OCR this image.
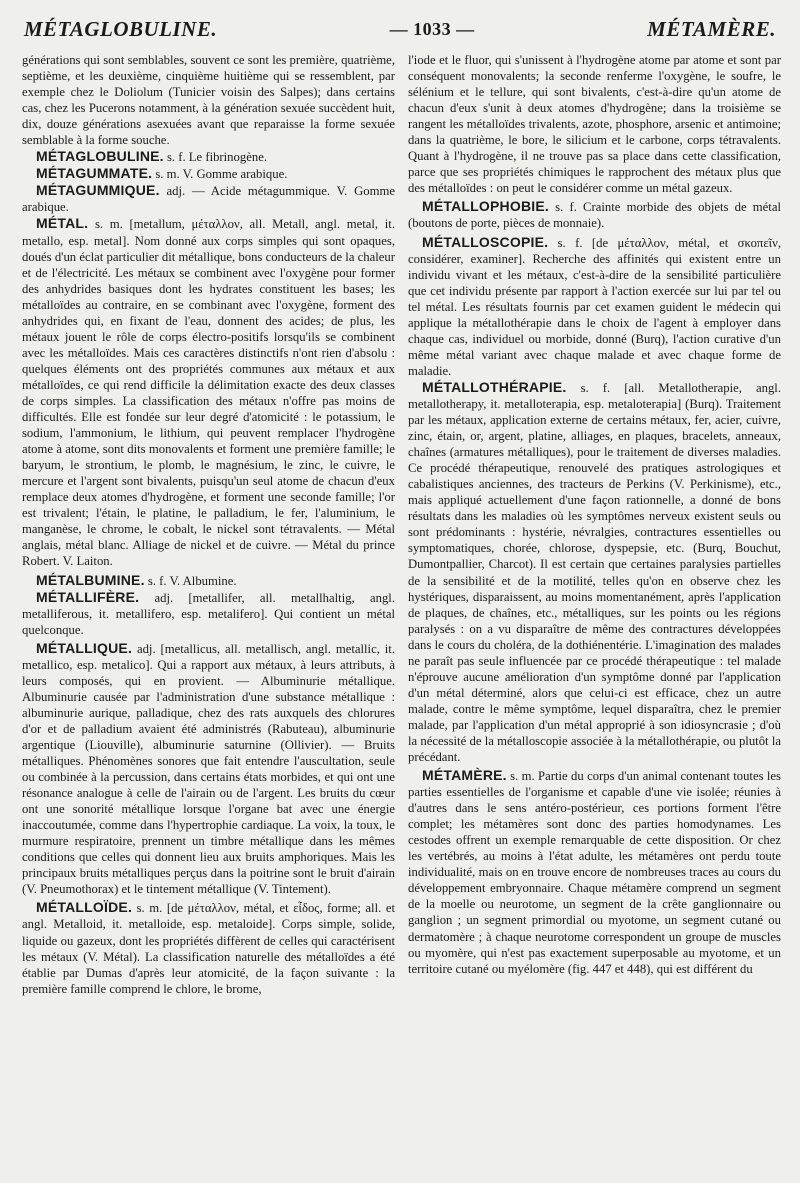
MÉTAGLOBULINE.	— 1033 —	MÉTAMÈRE.

générations qui sont semblables, souvent ce sont les première, quatrième, septième, et les deuxième, cinquième huitième qui se ressemblent, par exemple chez le Doliolum (Tunicier voisin des Salpes); dans certains cas, chez les Pucerons notamment, à la génération sexuée succèdent huit, dix, douze générations asexuées avant que reparaisse la forme sexuée semblable à la forme souche.

MÉTAGLOBULINE. s. f. Le fibrinogène.

MÉTAGUMMATE. s. m. V. Gomme arabique.

MÉTAGUMMIQUE. adj. — Acide métagummique. V. Gomme arabique.

MÉTAL. s. m. [metallum, μέταλλον, all. Metall, angl. metal, it. metallo, esp. metal]. Nom donné aux corps simples qui sont opaques, doués d'un éclat particulier dit métallique, bons conducteurs de la chaleur et de l'électricité. Les métaux se combinent avec l'oxygène pour former des anhydrides basiques dont les hydrates constituent les bases; les métalloïdes au contraire, en se combinant avec l'oxygène, forment des anhydrides qui, en fixant de l'eau, donnent des acides; de plus, les métaux jouent le rôle de corps électro-positifs lorsqu'ils se combinent avec les métalloïdes. Mais ces caractères distinctifs n'ont rien d'absolu : quelques éléments ont des propriétés communes aux métaux et aux métalloïdes, ce qui rend difficile la délimitation exacte des deux classes de corps simples. La classification des métaux n'offre pas moins de difficultés. Elle est fondée sur leur degré d'atomicité : le potassium, le sodium, l'ammonium, le lithium, qui peuvent remplacer l'hydrogène atome à atome, sont dits monovalents et forment une première famille; le baryum, le strontium, le plomb, le magnésium, le zinc, le cuivre, le mercure et l'argent sont bivalents, puisqu'un seul atome de chacun d'eux remplace deux atomes d'hydrogène, et forment une seconde famille; l'or est trivalent; l'étain, le platine, le palladium, le fer, l'aluminium, le manganèse, le chrome, le cobalt, le nickel sont tétravalents. — Métal anglais, métal blanc. Alliage de nickel et de cuivre. — Métal du prince Robert. V. Laiton.

MÉTALBUMINE. s. f. V. Albumine.

MÉTALLIFÈRE. adj. [metallifer, all. metallhaltig, angl. metalliferous, it. metallifero, esp. metalifero]. Qui contient un métal quelconque.

MÉTALLIQUE. adj. [metallicus, all. metallisch, angl. metallic, it. metallico, esp. metalico]. Qui a rapport aux métaux, à leurs attributs, à leurs composés, qui en provient. — Albuminurie métallique. Albuminurie causée par l'administration d'une substance métallique : albuminurie aurique, palladique, chez des rats auxquels des chlorures d'or et de palladium avaient été administrés (Rabuteau), albuminurie argentique (Liouville), albuminurie saturnine (Ollivier). — Bruits métalliques. Phénomènes sonores que fait entendre l'auscultation, seule ou combinée à la percussion, dans certains états morbides, et qui ont une résonance analogue à celle de l'airain ou de l'argent. Les bruits du cœur ont une sonorité métallique lorsque l'organe bat avec une énergie inaccoutumée, comme dans l'hypertrophie cardiaque. La voix, la toux, le murmure respiratoire, prennent un timbre métallique dans les mêmes conditions que celles qui donnent lieu aux bruits amphoriques. Mais les principaux bruits métalliques perçus dans la poitrine sont le bruit d'airain (V. Pneumothorax) et le tintement métallique (V. Tintement).

MÉTALLOÏDE. s. m. [de μέταλλον, métal, et εἶδος, forme; all. et angl. Metalloid, it. metalloide, esp. metaloide]. Corps simple, solide, liquide ou gazeux, dont les propriétés diffèrent de celles qui caractérisent les métaux (V. Métal). La classification naturelle des métalloïdes a été établie par Dumas d'après leur atomicité, de la façon suivante : la première famille comprend le chlore, le brome,

l'iode et le fluor, qui s'unissent à l'hydrogène atome par atome et sont par conséquent monovalents; la seconde renferme l'oxygène, le soufre, le sélénium et le tellure, qui sont bivalents, c'est-à-dire qu'un atome de chacun d'eux s'unit à deux atomes d'hydrogène; dans la troisième se rangent les métalloïdes trivalents, azote, phosphore, arsenic et antimoine; dans la quatrième, le bore, le silicium et le carbone, corps tétravalents. Quant à l'hydrogène, il ne trouve pas sa place dans cette classification, parce que ses propriétés chimiques le rapprochent des métaux plus que des métalloïdes : on peut le considérer comme un métal gazeux.

MÉTALLOPHOBIE. s. f. Crainte morbide des objets de métal (boutons de porte, pièces de monnaie).

MÉTALLOSCOPIE. s. f. [de μέταλλον, métal, et σκοπεῖν, considérer, examiner]. Recherche des affinités qui existent entre un individu vivant et les métaux, c'est-à-dire de la sensibilité particulière que cet individu présente par rapport à l'action exercée sur lui par tel ou tel métal. Les résultats fournis par cet examen guident le médecin qui applique la métallothérapie dans le choix de l'agent à employer dans chaque cas, individuel ou morbide, donné (Burq), l'action curative d'un même métal variant avec chaque malade et avec chaque forme de maladie.

MÉTALLOTHÉRAPIE. s. f. [all. Metallotherapie, angl. metallotherapy, it. metalloterapia, esp. metaloterapia] (Burq). Traitement par les métaux, application externe de certains métaux, fer, acier, cuivre, zinc, étain, or, argent, platine, alliages, en plaques, bracelets, anneaux, chaînes (armatures métalliques), pour le traitement de diverses maladies. Ce procédé thérapeutique, renouvelé des pratiques astrologiques et cabalistiques anciennes, des tracteurs de Perkins (V. Perkinisme), etc., mais appliqué actuellement d'une façon rationnelle, a donné de bons résultats dans les maladies où les symptômes nerveux existent seuls ou sont prédominants : hystérie, névralgies, contractures essentielles ou symptomatiques, chorée, chlorose, dyspepsie, etc. (Burq, Bouchut, Dumontpallier, Charcot). Il est certain que certaines paralysies partielles de la sensibilité et de la motilité, telles qu'on en observe chez les hystériques, disparaissent, au moins momentanément, après l'application de plaques, de chaînes, etc., métalliques, sur les points ou les régions paralysés : on a vu disparaître de même des contractures développées dans le cours du choléra, de la dothiénentérie. L'imagination des malades ne paraît pas seule influencée par ce procédé thérapeutique : tel malade n'éprouve aucune amélioration d'un symptôme donné par l'application d'un métal déterminé, alors que celui-ci est efficace, chez un autre malade, contre le même symptôme, lequel disparaîtra, chez le premier malade, par l'application d'un métal approprié à son idiosyncrasie ; d'où la nécessité de la métalloscopie associée à la métallothérapie, ou plutôt la précédant.

MÉTAMÈRE. s. m. Partie du corps d'un animal contenant toutes les parties essentielles de l'organisme et capable d'une vie isolée; réunies à d'autres dans le sens antéro-postérieur, ces portions forment l'être complet; les métamères sont donc des parties homodynames. Les cestodes offrent un exemple remarquable de cette disposition. Or chez les vertébrés, au moins à l'état adulte, les métamères ont perdu toute individualité, mais on en trouve encore de nombreuses traces au cours du développement embryonnaire. Chaque métamère comprend un segment de la moelle ou neurotome, un segment de la crête ganglionnaire ou ganglion ; un segment primordial ou myotome, un segment cutané ou dermatomère ; à chaque neurotome correspondent un groupe de muscles ou myomère, qui n'est pas exactement superposable au myotome, et un territoire cutané ou myélomère (fig. 447 et 448), qui est différent du
